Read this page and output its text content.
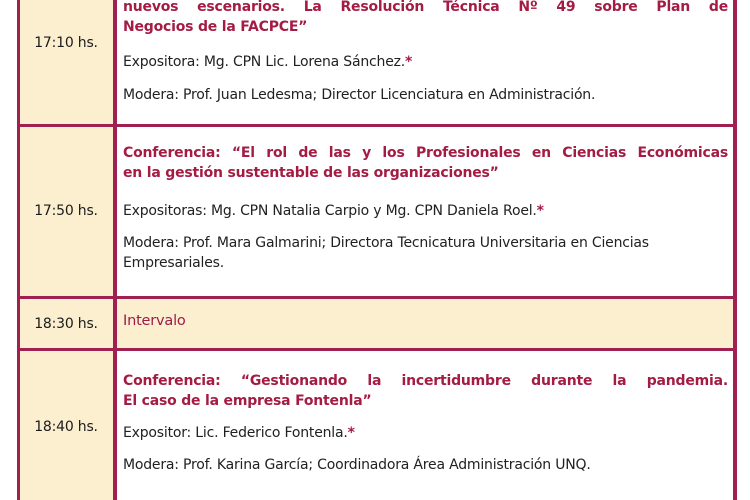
17:10 hs.
17:50 hs.
18:30 hs.
18:40 hs.
nuevos escenarios. La Resolución Técnica Nº 49 sobre Plan de
Negocios de la FACPCE”
Expositora: Mg. CPN Lic. Lorena Sánchez.*
Modera: Prof. Juan Ledesma; Director Licenciatura en Administración.
Conferencia: “El rol de las y los Profesionales en Ciencias Económicas
en la gestión sustentable de las organizaciones”
Expositoras: Mg. CPN Natalia Carpio y Mg. CPN Daniela Roel.*
Modera: Prof. Mara Galmarini; Directora Tecnicatura Universitaria en Ciencias
Empresariales.
Intervalo
Conferencia: “Gestionando la incertidumbre durante la pandemia.
El caso de la empresa Fontenla”
Expositor: Lic. Federico Fontenla.*
Modera: Prof. Karina García; Coordinadora Área Administración UNQ.
